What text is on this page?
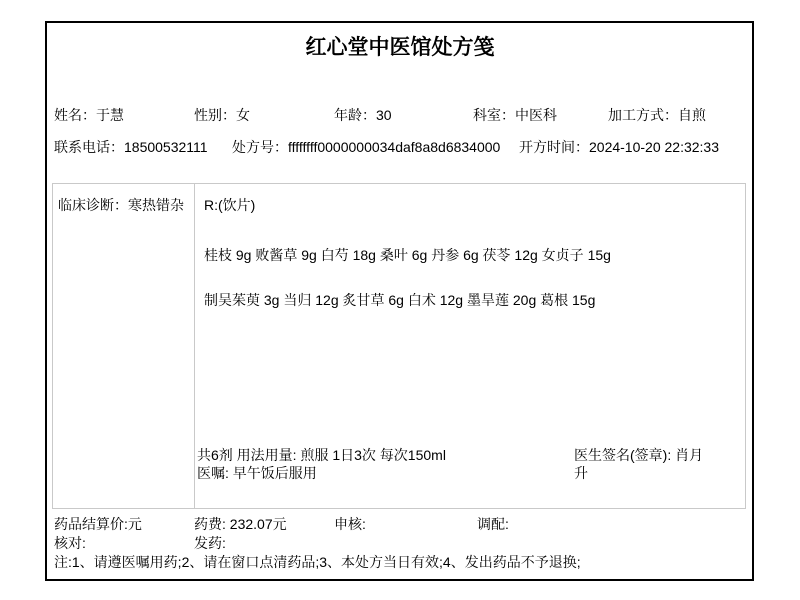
红心堂中医馆处方笺
姓名：于慧	性别：女	年龄：30	科室：中医科	加工方式：自煎
联系电话：18500532111 处方号：ffffffff0000000034daf8a8d6834000 开方时间：2024-10-20 22:32:33
临床诊断：寒热错杂 R:(饮片)
桂枝 9g 败酱草 9g 白芍 18g 桑叶 6g 丹参 6g 茯苓 12g 女贞子 15g
制吴茱萸 3g 当归 12g 炙甘草 6g 白术 12g 墨旱莲 20g 葛根 15g
共6剂 用法用量: 煎服 1日3次 每次150ml
医嘱: 早午饭后服用
医生签名(签章): 肖月升
药品结算价:元	药费: 232.07元	申核:	调配:
核对:	发药:
注:1、请遵医嘱用药;2、请在窗口点清药品;3、本处方当日有效;4、发出药品不予退换;
